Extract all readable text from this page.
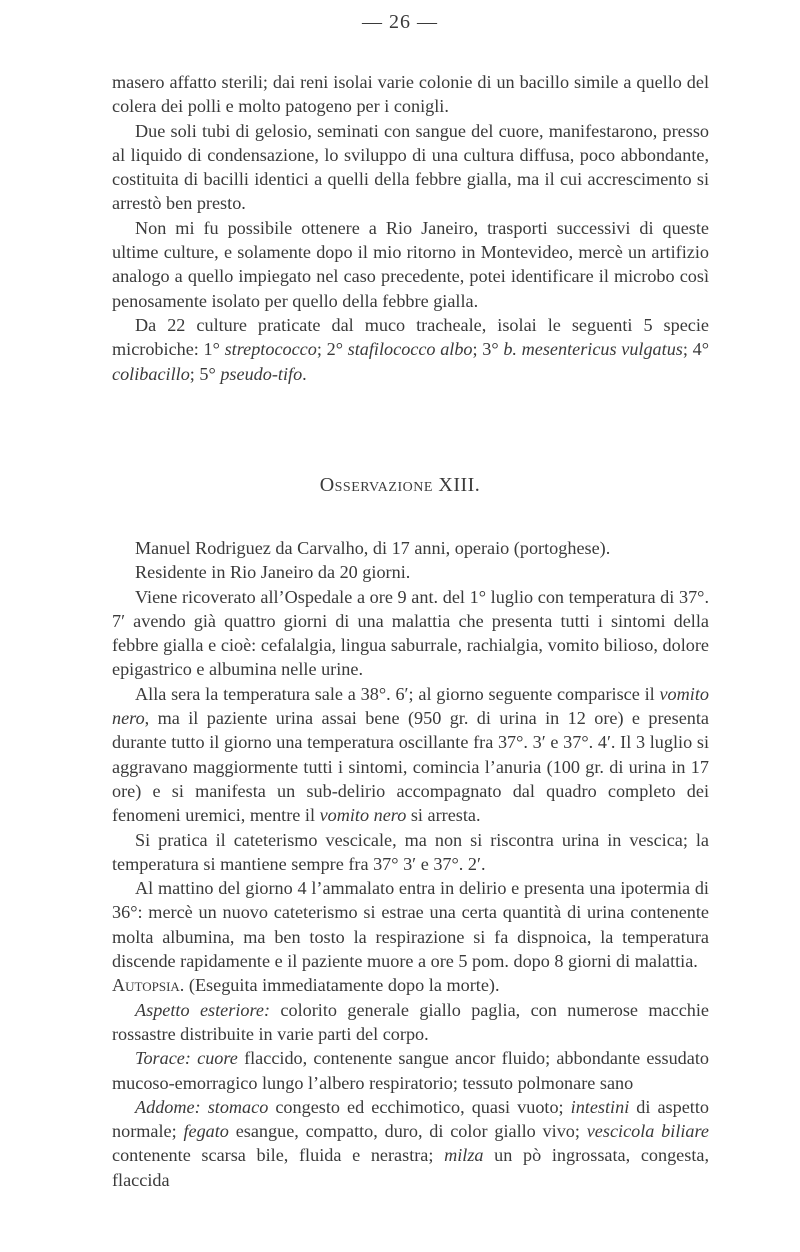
— 26 —

masero affatto sterili; dai reni isolai varie colonie di un bacillo simile a quello del colera dei polli e molto patogeno per i conigli.

Due soli tubi di gelosio, seminati con sangue del cuore, manifestarono, presso al liquido di condensazione, lo sviluppo di una cultura diffusa, poco abbondante, costituita di bacilli identici a quelli della febbre gialla, ma il cui accrescimento si arrestò ben presto.

Non mi fu possibile ottenere a Rio Janeiro, trasporti successivi di queste ultime culture, e solamente dopo il mio ritorno in Montevideo, mercè un artifizio analogo a quello impiegato nel caso precedente, potei identificare il microbo così penosamente isolato per quello della febbre gialla.

Da 22 culture praticate dal muco tracheale, isolai le seguenti 5 specie microbiche: 1° streptococco; 2° stafilococco albo; 3° b. mesentericus vulgatus; 4° colibacillo; 5° pseudo-tifo.

Osservazione XIII.

Manuel Rodriguez da Carvalho, di 17 anni, operaio (portoghese).

Residente in Rio Janeiro da 20 giorni.

Viene ricoverato all’Ospedale a ore 9 ant. del 1° luglio con temperatura di 37°. 7′ avendo già quattro giorni di una malattia che presenta tutti i sintomi della febbre gialla e cioè: cefalalgia, lingua saburrale, rachialgia, vomito bilioso, dolore epigastrico e albumina nelle urine.

Alla sera la temperatura sale a 38°. 6′; al giorno seguente comparisce il vomito nero, ma il paziente urina assai bene (950 gr. di urina in 12 ore) e presenta durante tutto il giorno una temperatura oscillante fra 37°. 3′ e 37°. 4′. Il 3 luglio si aggravano maggiormente tutti i sintomi, comincia l’anuria (100 gr. di urina in 17 ore) e si manifesta un sub-delirio accompagnato dal quadro completo dei fenomeni uremici, mentre il vomito nero si arresta.

Si pratica il cateterismo vescicale, ma non si riscontra urina in vescica; la temperatura si mantiene sempre fra 37° 3′ e 37°. 2′.

Al mattino del giorno 4 l’ammalato entra in delirio e presenta una ipotermia di 36°: mercè un nuovo cateterismo si estrae una certa quantità di urina contenente molta albumina, ma ben tosto la respirazione si fa dispnoica, la temperatura discende rapidamente e il paziente muore a ore 5 pom. dopo 8 giorni di malattia.

Autopsia. (Eseguita immediatamente dopo la morte).

Aspetto esteriore: colorito generale giallo paglia, con numerose macchie rossastre distribuite in varie parti del corpo.

Torace: cuore flaccido, contenente sangue ancor fluido; abbondante essudato mucoso-emorragico lungo l’albero respiratorio; tessuto polmonare sano

Addome: stomaco congesto ed ecchimotico, quasi vuoto; intestini di aspetto normale; fegato esangue, compatto, duro, di color giallo vivo; vescicola biliare contenente scarsa bile, fluida e nerastra; milza un pò ingrossata, congesta, flaccida
